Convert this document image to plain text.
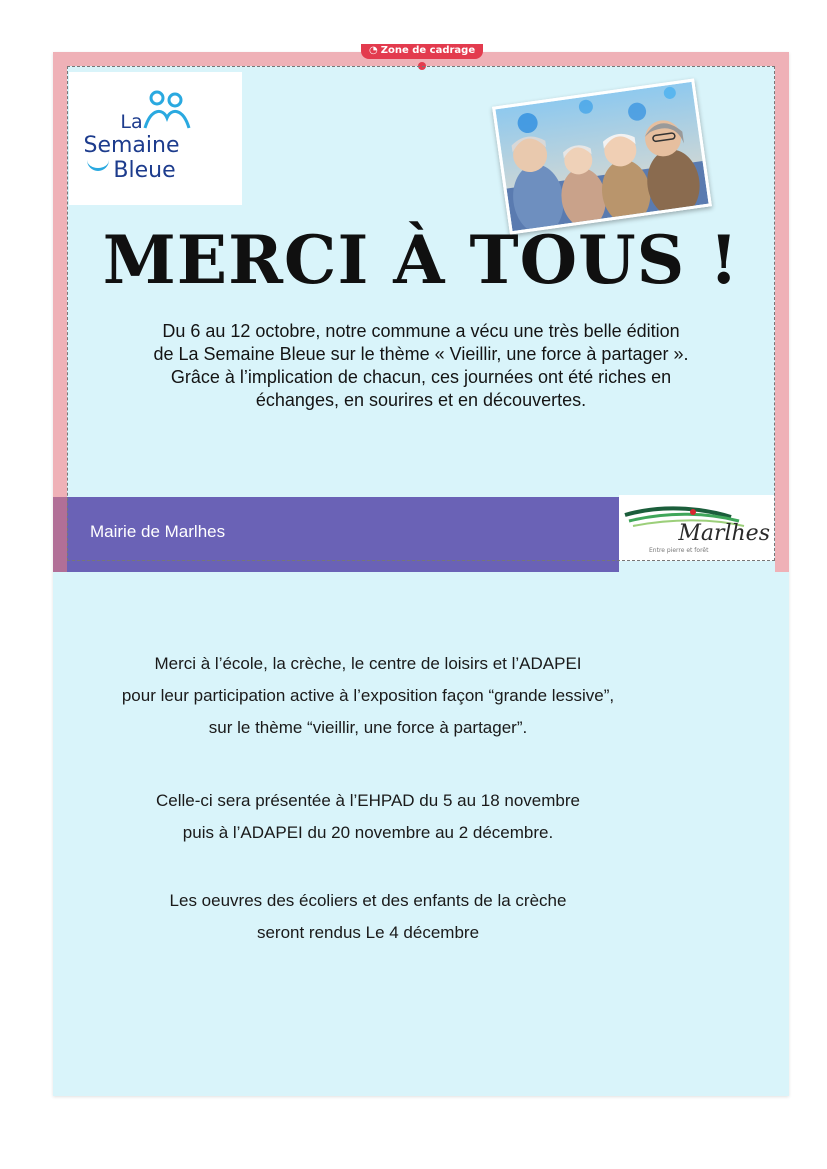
◔ Zone de cadrage
La
Semaine
Bleue
MERCI À TOUS !
Du 6 au 12 octobre, notre commune a vécu une très belle édition
de La Semaine Bleue sur le thème « Vieillir, une force à partager ».
Grâce à l’implication de chacun, ces journées ont été riches en
échanges, en sourires et en découvertes.
Mairie de Marlhes	Marlhes
Entre pierre et forêt
Merci à l’école, la crèche, le centre de loisirs et l’ADAPEI
pour leur participation active à l’exposition façon “grande lessive”,
sur le thème “vieillir, une force à partager”.
Celle-ci sera présentée à l’EHPAD du 5 au 18 novembre
puis à l’ADAPEI du 20 novembre au 2 décembre.
Les oeuvres des écoliers et des enfants de la crèche
seront rendus Le 4 décembre
